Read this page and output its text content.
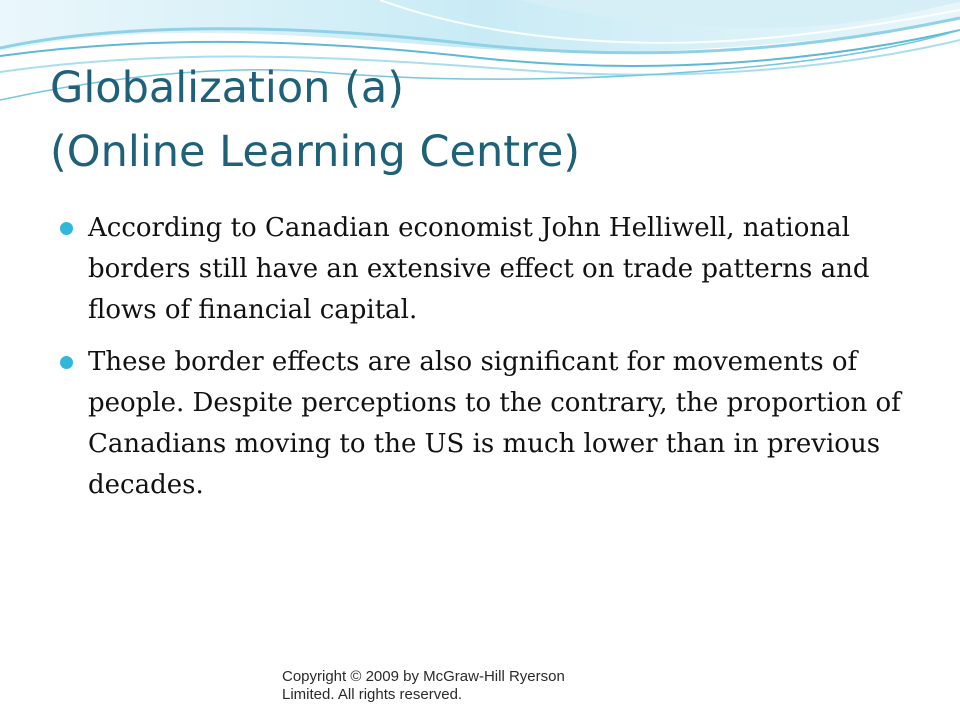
Globalization (a)
(Online Learning Centre)
According to Canadian economist John Helliwell, national borders still have an extensive effect on trade patterns and flows of financial capital.
These border effects are also significant for movements of people. Despite perceptions to the contrary, the proportion of Canadians moving to the US is much lower than in previous decades.
Copyright © 2009 by McGraw-Hill Ryerson Limited. All rights reserved.
